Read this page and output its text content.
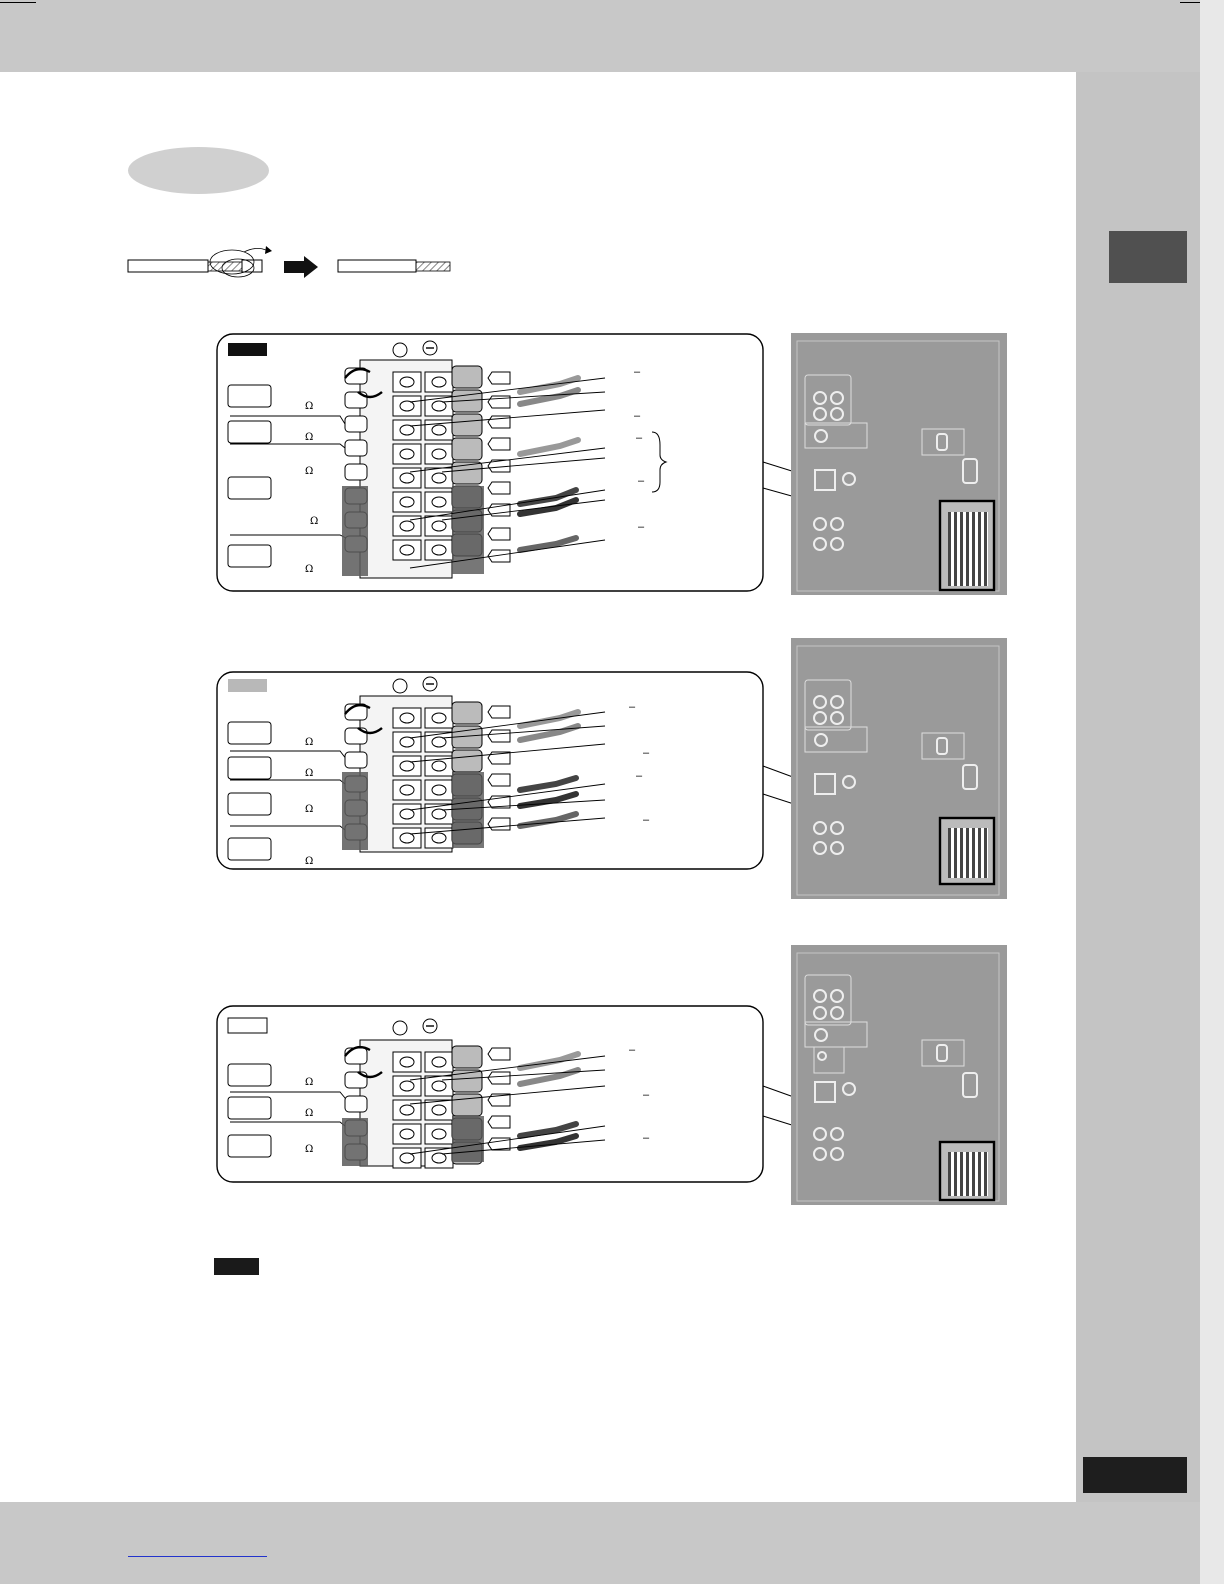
Ω
Ω
Ω
Ω
Ω
Ω
Ω
Ω
Ω
Ω
Ω
Ω
–
–
–
–
–
–
–
–
–
–
–
–
